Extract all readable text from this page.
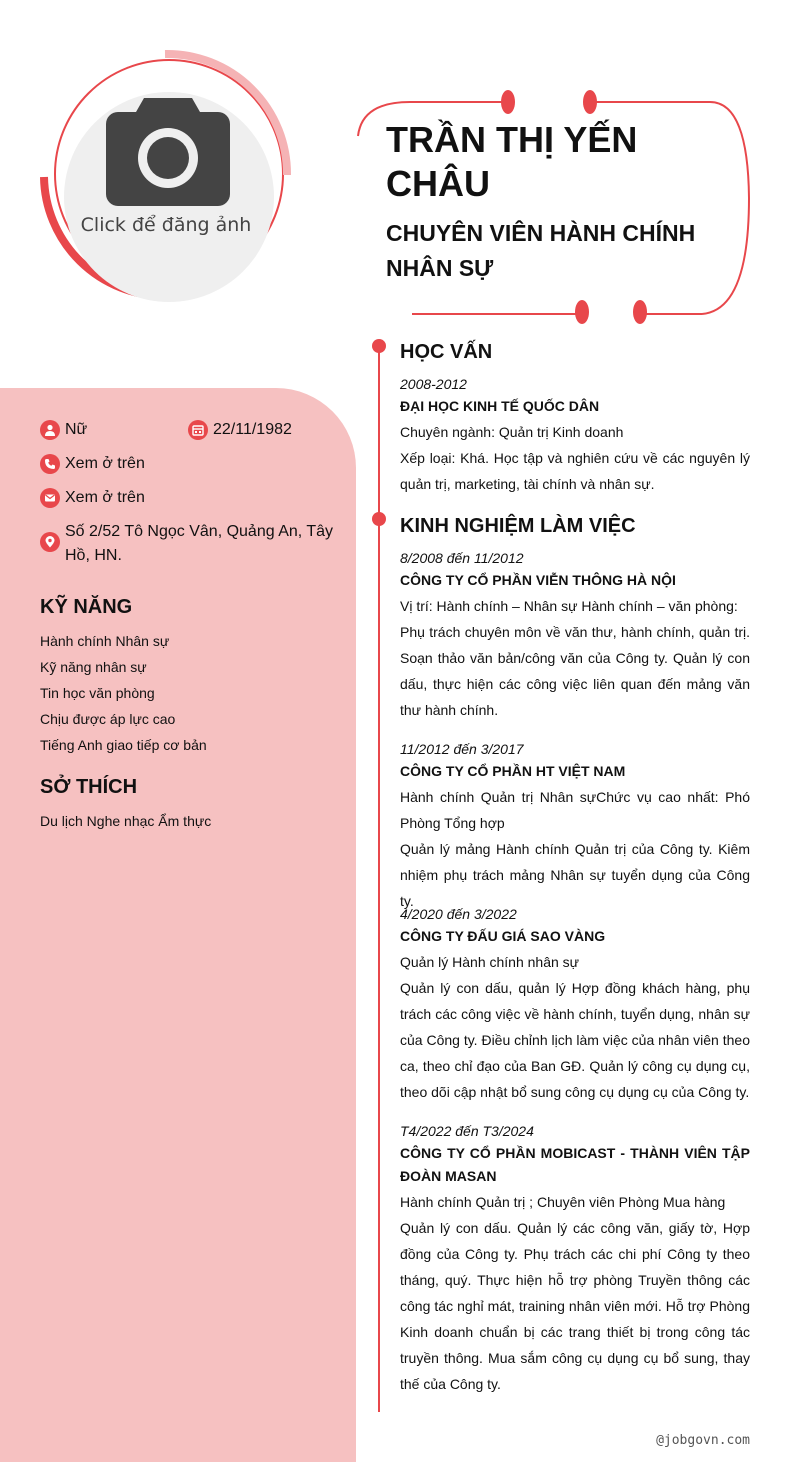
Click để đăng ảnh
TRẦN THỊ YẾN CHÂU
CHUYÊN VIÊN HÀNH CHÍNH NHÂN SỰ
Nữ	22/11/1982
Xem ở trên
Xem ở trên
Số 2/52 Tô Ngọc Vân, Quảng An, Tây Hồ, HN.
KỸ NĂNG
Hành chính Nhân sự
Kỹ năng nhân sự
Tin học văn phòng
Chịu được áp lực cao
Tiếng Anh giao tiếp cơ bản
SỞ THÍCH
Du lịch Nghe nhạc Ẩm thực
HỌC VẤN
2008-2012
ĐẠI HỌC KINH TẾ QUỐC DÂN
Chuyên ngành: Quản trị Kinh doanh
Xếp loại: Khá. Học tập và nghiên cứu về các nguyên lý quản trị, marketing, tài chính và nhân sự.
KINH NGHIỆM LÀM VIỆC
8/2008 đến 11/2012
CÔNG TY CỔ PHẦN VIỄN THÔNG HÀ NỘI
Vị trí: Hành chính – Nhân sự Hành chính – văn phòng:
Phụ trách chuyên môn về văn thư, hành chính, quản trị. Soạn thảo văn bản/công văn của Công ty. Quản lý con dấu, thực hiện các công việc liên quan đến mảng văn thư hành chính.
11/2012 đến 3/2017
CÔNG TY CỔ PHẦN HT VIỆT NAM
Hành chính Quản trị Nhân sựChức vụ cao nhất: Phó Phòng Tổng hợp
Quản lý mảng Hành chính Quản trị của Công ty. Kiêm nhiệm phụ trách mảng Nhân sự tuyển dụng của Công ty.
4/2020 đến 3/2022
CÔNG TY ĐẤU GIÁ SAO VÀNG
Quản lý Hành chính nhân sự
Quản lý con dấu, quản lý Hợp đồng khách hàng, phụ trách các công việc về hành chính, tuyển dụng, nhân sự của Công ty. Điều chỉnh lịch làm việc của nhân viên theo ca, theo chỉ đạo của Ban GĐ. Quản lý công cụ dụng cụ, theo dõi cập nhật bổ sung công cụ dụng cụ của Công ty.
T4/2022 đến T3/2024
CÔNG TY CỔ PHẦN MOBICAST - THÀNH VIÊN TẬP ĐOÀN MASAN
Hành chính Quản trị ; Chuyên viên Phòng Mua hàng
Quản lý con dấu. Quản lý các công văn, giấy tờ, Hợp đồng của Công ty. Phụ trách các chi phí Công ty theo tháng, quý. Thực hiện hỗ trợ phòng Truyền thông các công tác nghỉ mát, training nhân viên mới. Hỗ trợ Phòng Kinh doanh chuẩn bị các trang thiết bị trong công tác truyền thông. Mua sắm công cụ dụng cụ bổ sung, thay thế của Công ty.
@jobgovn.com
